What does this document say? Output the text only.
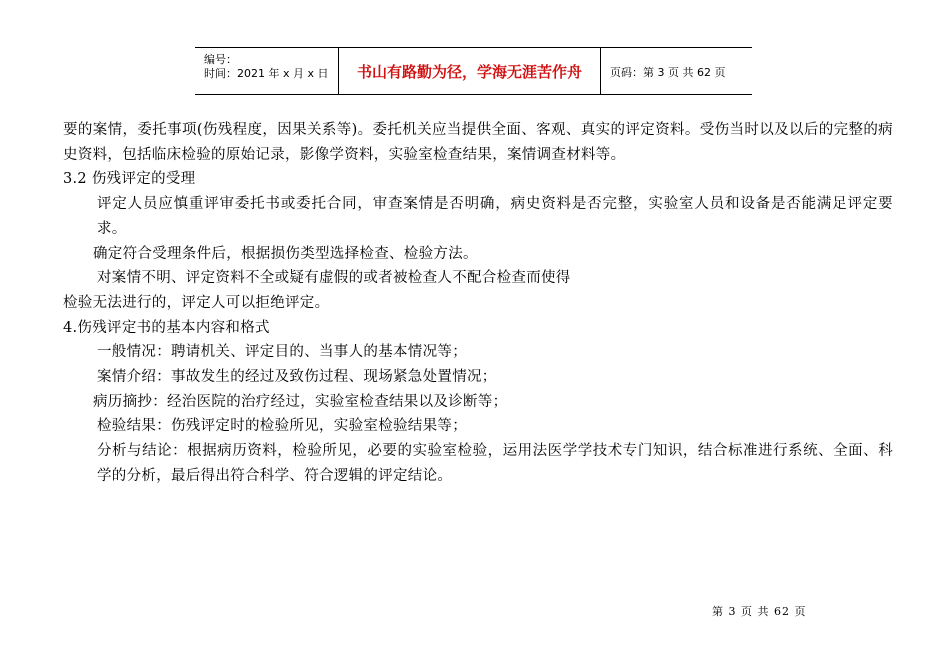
编号：
时间：2021 年 x 月 x 日	书山有路勤为径，学海无涯苦作舟	页码：第 3 页 共 62 页

要的案情，委托事项(伤残程度，因果关系等)。委托机关应当提供全面、客观、真实的评定资料。受伤当时以及以后的完整的病史资料，包括临床检验的原始记录，影像学资料，实验室检查结果，案情调查材料等。

3.2 伤残评定的受理

评定人员应慎重评审委托书或委托合同，审查案情是否明确，病史资料是否完整，实验室人员和设备是否能满足评定要求。

确定符合受理条件后，根据损伤类型选择检查、检验方法。

对案情不明、评定资料不全或疑有虚假的或者被检查人不配合检查而使得

检验无法进行的，评定人可以拒绝评定。

4.伤残评定书的基本内容和格式

一般情况：聘请机关、评定目的、当事人的基本情况等；

案情介绍：事故发生的经过及致伤过程、现场紧急处置情况；

病历摘抄：经治医院的治疗经过，实验室检查结果以及诊断等；

检验结果：伤残评定时的检验所见，实验室检验结果等；

分析与结论：根据病历资料，检验所见，必要的实验室检验，运用法医学学技术专门知识，结合标准进行系统、全面、科学的分析，最后得出符合科学、符合逻辑的评定结论。

第 3 页 共 62 页
